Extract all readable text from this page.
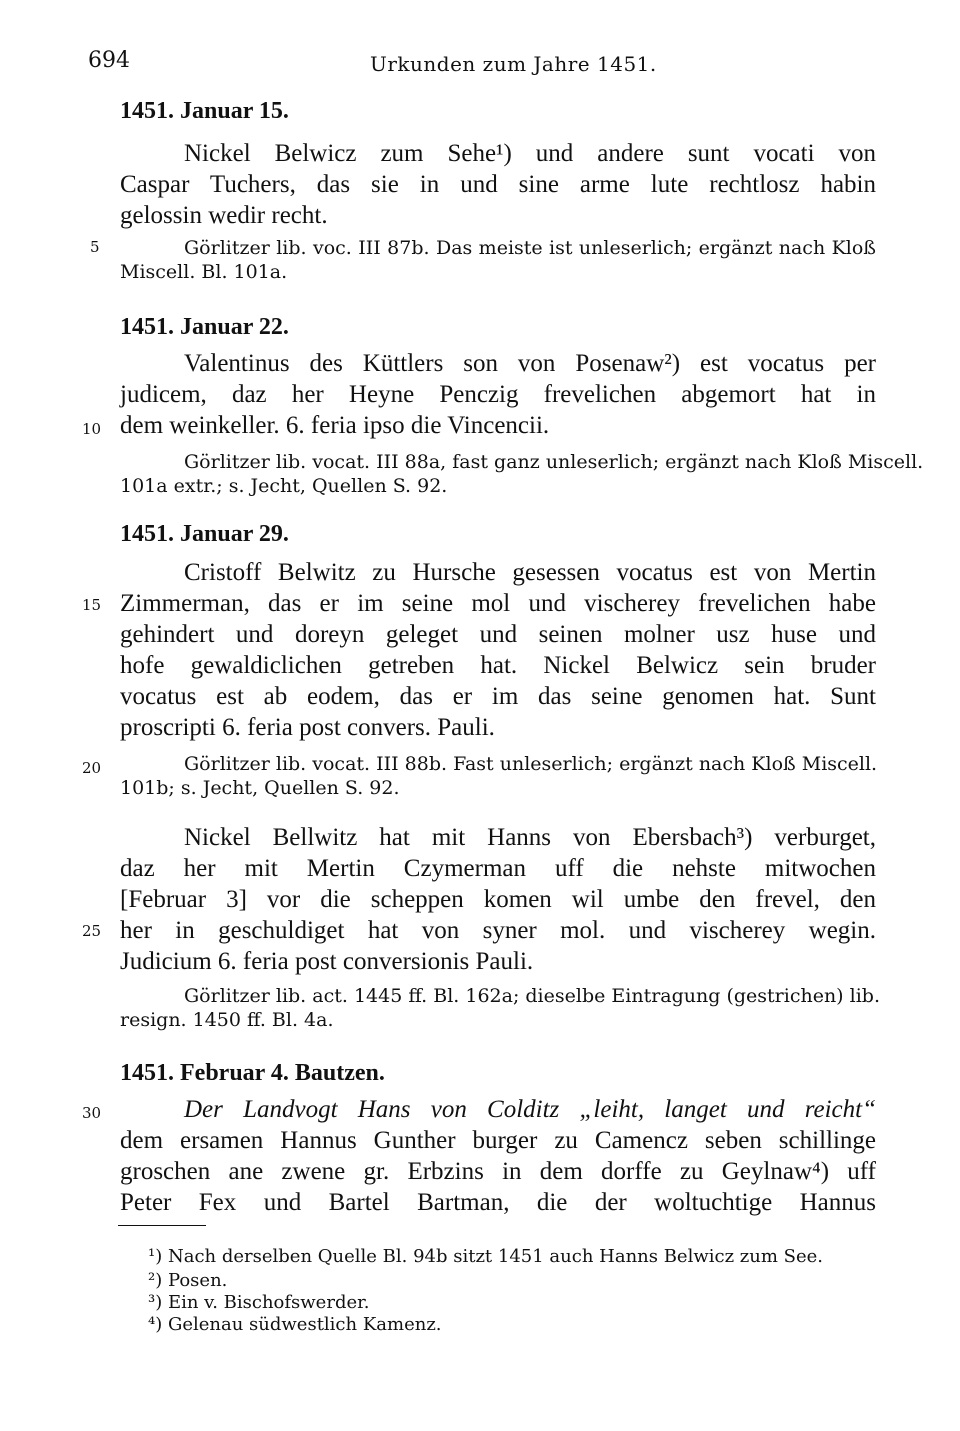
694	Urkunden zum Jahre 1451.
5
10
15
20
25
30
1451. Januar 15.
Nickel Belwicz zum Sehe¹) und andere sunt vocati von
Caspar Tuchers, das sie in und sine arme lute rechtlosz habin
gelossin wedir recht.
Görlitzer lib. voc. III 87b. Das meiste ist unleserlich; ergänzt nach Kloß
Miscell. Bl. 101a.
1451. Januar 22.
Valentinus des Küttlers son von Posenaw²) est vocatus per
judicem, daz her Heyne Penczig frevelichen abgemort hat in
dem weinkeller. 6. feria ipso die Vincencii.
Görlitzer lib. vocat. III 88a, fast ganz unleserlich; ergänzt nach Kloß Miscell.
101a extr.; s. Jecht, Quellen S. 92.
1451. Januar 29.
Cristoff Belwitz zu Hursche gesessen vocatus est von Mertin
Zimmerman, das er im seine mol und vischerey frevelichen habe
gehindert und doreyn geleget und seinen molner usz huse und
hofe gewaldiclichen getreben hat. Nickel Belwicz sein bruder
vocatus est ab eodem, das er im das seine genomen hat. Sunt
proscripti 6. feria post convers. Pauli.
Görlitzer lib. vocat. III 88b. Fast unleserlich; ergänzt nach Kloß Miscell.
101b; s. Jecht, Quellen S. 92.
Nickel Bellwitz hat mit Hanns von Ebersbach³) verburget,
daz her mit Mertin Czymerman uff die nehste mitwochen
[Februar 3] vor die scheppen komen wil umbe den frevel, den
her in geschuldiget hat von syner mol. und vischerey wegin.
Judicium 6. feria post conversionis Pauli.
Görlitzer lib. act. 1445 ff. Bl. 162a; dieselbe Eintragung (gestrichen) lib.
resign. 1450 ff. Bl. 4a.
1451. Februar 4. Bautzen.
Der Landvogt Hans von Colditz „leiht, langet und reicht“
dem ersamen Hannus Gunther burger zu Camencz seben schillinge
groschen ane zwene gr. Erbzins in dem dorffe zu Geylnaw⁴) uff
Peter Fex und Bartel Bartman, die der woltuchtige Hannus
¹) Nach derselben Quelle Bl. 94b sitzt 1451 auch Hanns Belwicz zum See.
²) Posen.
³) Ein v. Bischofswerder.
⁴) Gelenau südwestlich Kamenz.
